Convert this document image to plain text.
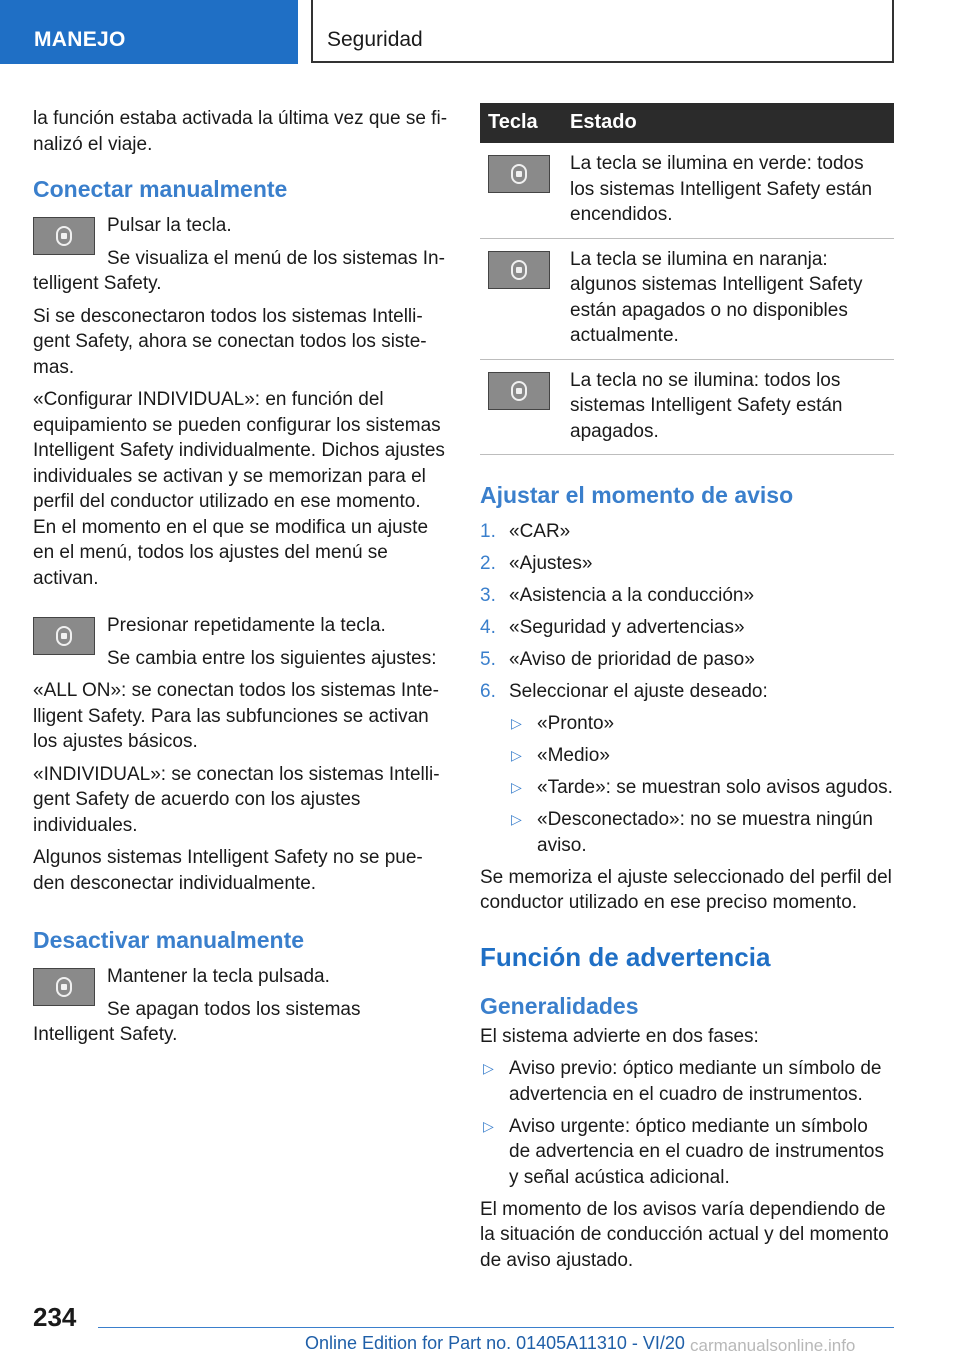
MANEJO	Seguridad

la función estaba activada la última vez que se finalizó el viaje.

Conectar manualmente

Pulsar la tecla.

Se visualiza el menú de los sistemas Intelligent Safety.

Si se desconectaron todos los sistemas Intelligent Safety, ahora se conectan todos los sistemas.

«Configurar INDIVIDUAL»: en función del equipamiento se pueden configurar los sistemas Intelligent Safety individualmente. Dichos ajustes individuales se activan y se memorizan para el perfil del conductor utilizado en ese momento. En el momento en el que se modifica un ajuste en el menú, todos los ajustes del menú se activan.

Presionar repetidamente la tecla.

Se cambia entre los siguientes ajustes:

«ALL ON»: se conectan todos los sistemas Intelligent Safety. Para las subfunciones se activan los ajustes básicos.

«INDIVIDUAL»: se conectan los sistemas Intelligent Safety de acuerdo con los ajustes individuales.

Algunos sistemas Intelligent Safety no se pueden desconectar individualmente.

Desactivar manualmente

Mantener la tecla pulsada.

Se apagan todos los sistemas Intelligent Safety.

Tecla	Estado

	La tecla se ilumina en verde: todos los sistemas Intelligent Safety están encendidos.

	La tecla se ilumina en naranja: algunos sistemas Intelligent Safety están apagados o no disponibles actualmente.

	La tecla no se ilumina: todos los sistemas Intelligent Safety están apagados.
Ajustar el momento de aviso
1. «CAR»
2. «Ajustes»
3. «Asistencia a la conducción»
4. «Seguridad y advertencias»
5. «Aviso de prioridad de paso»
6. Seleccionar el ajuste deseado:
▷ «Pronto»
▷ «Medio»
▷ «Tarde»: se muestran solo avisos agudos.
▷ «Desconectado»: no se muestra ningún aviso.

Se memoriza el ajuste seleccionado del perfil del conductor utilizado en ese preciso momento.

Función de advertencia
Generalidades

El sistema advierte en dos fases:

▷ Aviso previo: óptico mediante un símbolo de advertencia en el cuadro de instrumentos.
▷ Aviso urgente: óptico mediante un símbolo de advertencia en el cuadro de instrumentos y señal acústica adicional.

El momento de los avisos varía dependiendo de la situación de conducción actual y del momento de aviso ajustado.

234
Online Edition for Part no. 01405A11310 - VI/20 carmanualsonline.info
